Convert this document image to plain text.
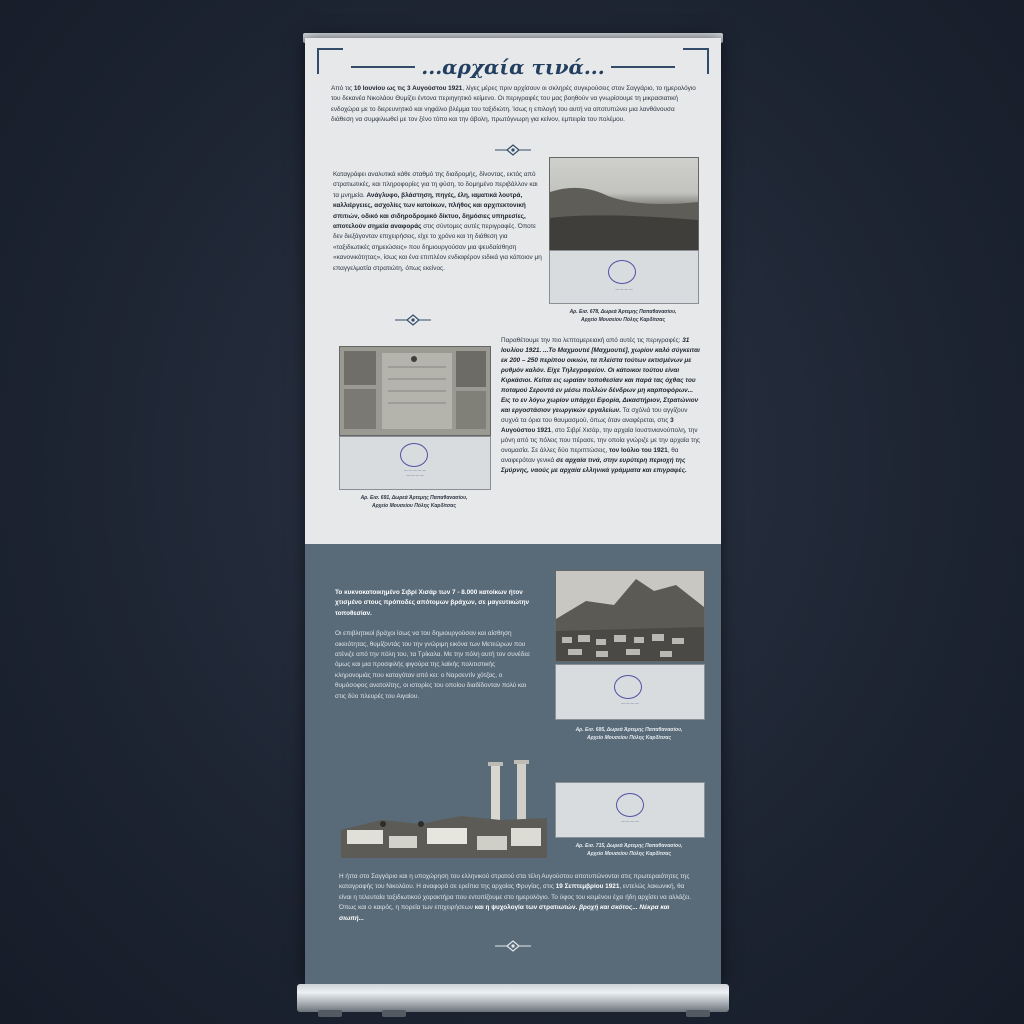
...αρχαία τινά...
Από τις 10 Ιουνίου ως τις 3 Αυγούστου 1921, λίγες μέρες πριν αρχίσουν οι σκληρές συγκρούσεις στον Σαγγάριο, το ημερολόγιο του δεκανέα Νικολάου Θυμίζει έντονα περιηγητικό κείμενο. Οι περιγραφές του μας βοηθούν να γνωρίσουμε τη μικρασιατική ενδοχώρα με το διερευνητικό και νηφάλιο βλέμμα του ταξιδιώτη. Ίσως η επιλογή του αυτή να αποτυπώνει μια λανθάνουσα διάθεση να συμφιλιωθεί με τον ξένο τόπο και την άβολη, πρωτόγνωρη για κείνον, εμπειρία του πολέμου.
Καταγράφει αναλυτικά κάθε σταθμό της διαδρομής, δίνοντας, εκτός από στρατιωτικές, και πληροφορίες για τη φύση, το δομημένο περιβάλλον και τα μνημεία. Ανάγλυφο, βλάστηση, πηγές, έλη, ιαματικά λουτρά, καλλιέργειες, ασχολίες των κατοίκων, πλήθος και αρχιτεκτονική σπιτιών, οδικό και σιδηροδρομικό δίκτυο, δημόσιες υπηρεσίες, αποτελούν σημεία αναφοράς στις σύντομες αυτές περιγραφές. Όποτε δεν διεξάγονταν επιχειρήσεις, είχε το χρόνο και τη διάθεση για «ταξιδιωτικές σημειώσεις» που δημιουργούσαν μια ψευδαίσθηση «κανονικότητας», ίσως και ένα επιπλέον ενδιαφέρον ειδικά για κάποιον μη επαγγελματία στρατιώτη, όπως εκείνος.
— — — —
Αρ. Εισ. 678, Δωρεά Άρτεμης Παπαθανασίου,
Αρχείο Μουσείου Πόλης Καρδίτσας
— — — — —
— — — —
Αρ. Εισ. 691, Δωρεά Άρτεμης Παπαθανασίου,
Αρχείο Μουσείου Πόλης Καρδίτσας
Παραθέτουμε την πιο λεπτομερειακή από αυτές τις περιγραφές: 31 Ιουλίου 1921. ...Το Μαχμουτιέ [Μαχμουτιέ], χωρίον καλό σύγκειται εκ 200 – 250 περίπου οικιών, τα πλείστα τούτων εκτισμένων με ρυθμόν καλόν. Είχε Τηλεγραφείον. Οι κάτοικοι τούτου είναι Κιρκάσιοι. Κείται εις ωραίαν τοποθεσίαν και παρά τας όχθας του ποταμού Σεροντά εν μέσω πολλών δένδρων μη καρποφόρων... Εις το εν λόγω χωρίον υπάρχει Εφορία, Δικαστήριον, Στρατώνιον και εργοστάσιον γεωργικών εργαλείων. Τα σχόλιά του αγγίζουν συχνά τα όρια του θαυμασμού, όπως όταν αναφέρεται, στις 3 Αυγούστου 1921, στο Σιβρί Χισάρ, την αρχαία Ιουστινιανούπολη, την μόνη από τις πόλεις που πέρασε, την οποία γνώριζε με την αρχαία της ονομασία. Σε άλλες δύο περιπτώσεις, τον Ιούλιο του 1921, θα αναφερόταν γενικά σε αρχαία τινά, στην ευρύτερη περιοχή της Σμύρνης, ναούς με αρχαία ελληνικά γράμματα και επιγραφές.
Το κυκνοκατοικημένο Σιβρί Χισάρ των 7 - 8.000 κατοίκων ήτον χτισμένο στους πρόποδες απότομων βράχων, σε μαγευτικώτην τοποθεσίαν.
Οι επιβλητικοί βράχοι ίσως να του δημιουργούσαν και αίσθηση οικειότητας, θυμίζοντάς του την γνώριμη εικόνα των Μετεώρων που ατένιζε από την πόλη του, τα Τρίκαλα. Με την πόλη αυτή τον συνέδεε όμως και μια προσφιλής φιγούρα της λαϊκής πολιτιστικής κληρονομιάς που καταγόταν από κει: ο Ναρσεντίν χότζας, ο θυμόσοφος ανατολίτης, οι ιστορίες του οποίου διαδίδονταν πολύ και στις δύο πλευρές του Αιγαίου.
— — — —
Αρ. Εισ. 685, Δωρεά Άρτεμης Παπαθανασίου,
Αρχείο Μουσείου Πόλης Καρδίτσας
— — — —
Αρ. Εισ. 715, Δωρεά Άρτεμης Παπαθανασίου,
Αρχείο Μουσείου Πόλης Καρδίτσας
Η ήττα στο Σαγγάριο και η υποχώρηση του ελληνικού στρατού στα τέλη Αυγούστου αποτυπώνονται στις πρωτεραιότητες της καταγραφής του Νικολάου. Η αναφορά σε ερείπια της αρχαίας Φρυγίας, στις 19 Σεπτεμβρίου 1921, εντελώς λακωνική, θα είναι η τελευταία ταξιδιωτικού χαρακτήρα που εντοπίζουμε στο ημερολόγιο. Το ύφος του κειμένου έχει ήδη αρχίσει να αλλάζει. Όπως και ο καιρός, η πορεία των επιχειρήσεων και η ψυχολογία των στρατιωτών. βροχή και σκότος... Νέκρα και σιωπή...
